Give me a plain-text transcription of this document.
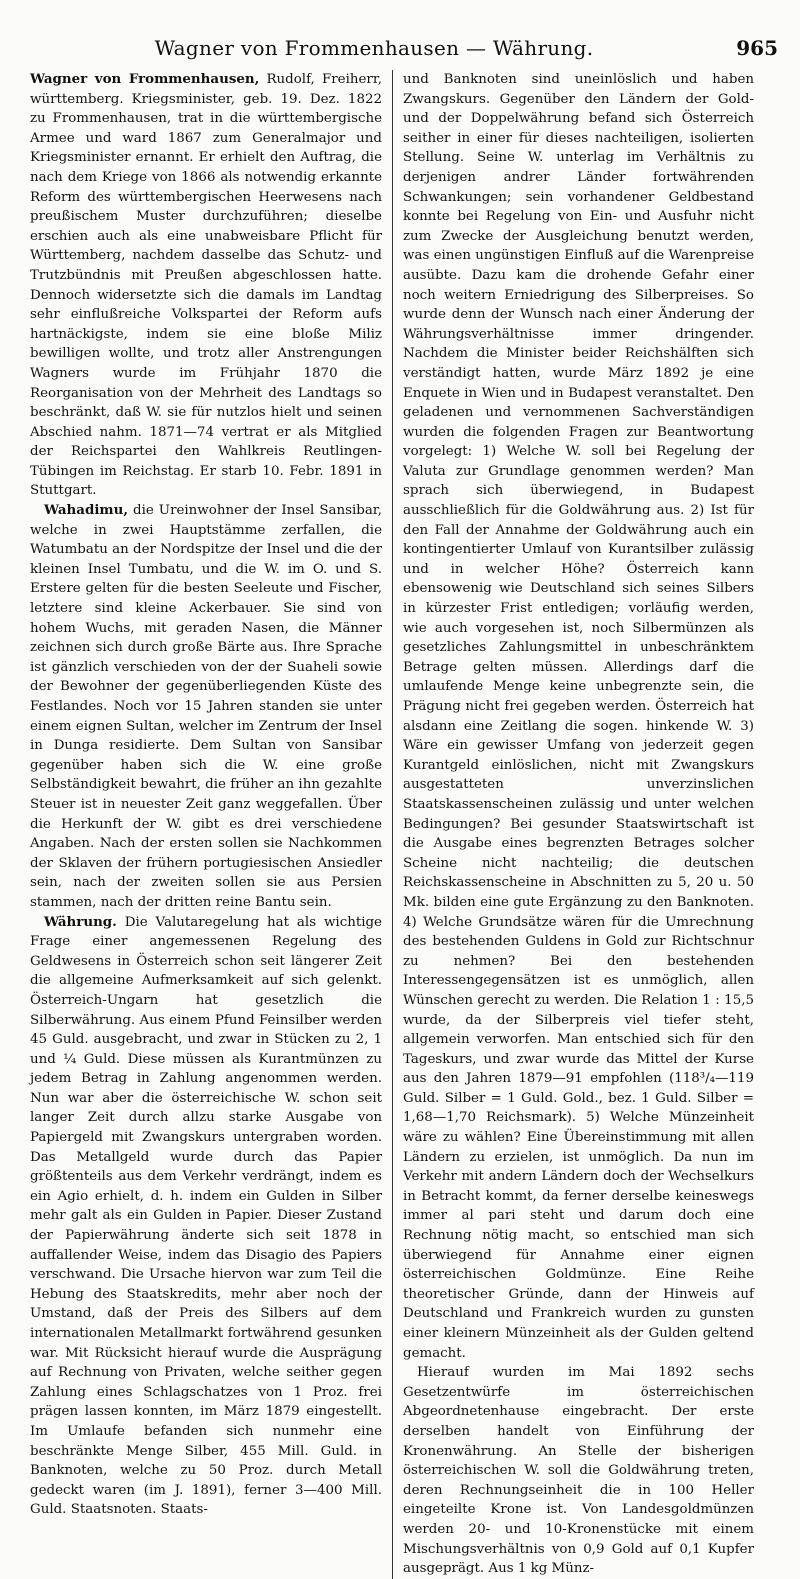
Wagner von Frommenhausen — Währung.	965

Wagner von Frommenhausen, Rudolf, Freiherr, württemberg. Kriegsminister, geb. 19. Dez. 1822 zu Frommenhausen, trat in die württembergische Armee und ward 1867 zum Generalmajor und Kriegsminister ernannt. Er erhielt den Auftrag, die nach dem Kriege von 1866 als notwendig erkannte Reform des württembergischen Heerwesens nach preußischem Muster durchzuführen; dieselbe erschien auch als eine unabweisbare Pflicht für Württemberg, nachdem dasselbe das Schutz- und Trutzbündnis mit Preußen abgeschlossen hatte. Dennoch widersetzte sich die damals im Landtag sehr einflußreiche Volkspartei der Reform aufs hartnäckigste, indem sie eine bloße Miliz bewilligen wollte, und trotz aller Anstrengungen Wagners wurde im Frühjahr 1870 die Reorganisation von der Mehrheit des Landtags so beschränkt, daß W. sie für nutzlos hielt und seinen Abschied nahm. 1871—74 vertrat er als Mitglied der Reichspartei den Wahlkreis Reutlingen-Tübingen im Reichstag. Er starb 10. Febr. 1891 in Stuttgart.

Wahadimu, die Ureinwohner der Insel Sansibar, welche in zwei Hauptstämme zerfallen, die Watumbatu an der Nordspitze der Insel und die der kleinen Insel Tumbatu, und die W. im O. und S. Erstere gelten für die besten Seeleute und Fischer, letztere sind kleine Ackerbauer. Sie sind von hohem Wuchs, mit geraden Nasen, die Männer zeichnen sich durch große Bärte aus. Ihre Sprache ist gänzlich verschieden von der der Suaheli sowie der Bewohner der gegenüberliegenden Küste des Festlandes. Noch vor 15 Jahren standen sie unter einem eignen Sultan, welcher im Zentrum der Insel in Dunga residierte. Dem Sultan von Sansibar gegenüber haben sich die W. eine große Selbständigkeit bewahrt, die früher an ihn gezahlte Steuer ist in neuester Zeit ganz weggefallen. Über die Herkunft der W. gibt es drei verschiedene Angaben. Nach der ersten sollen sie Nachkommen der Sklaven der frühern portugiesischen Ansiedler sein, nach der zweiten sollen sie aus Persien stammen, nach der dritten reine Bantu sein.

Währung. Die Valutaregelung hat als wichtige Frage einer angemessenen Regelung des Geldwesens in Österreich schon seit längerer Zeit die allgemeine Aufmerksamkeit auf sich gelenkt. Österreich-Ungarn hat gesetzlich die Silberwährung. Aus einem Pfund Feinsilber werden 45 Guld. ausgebracht, und zwar in Stücken zu 2, 1 und ¼ Guld. Diese müssen als Kurantmünzen zu jedem Betrag in Zahlung angenommen werden. Nun war aber die österreichische W. schon seit langer Zeit durch allzu starke Ausgabe von Papiergeld mit Zwangskurs untergraben worden. Das Metallgeld wurde durch das Papier größtenteils aus dem Verkehr verdrängt, indem es ein Agio erhielt, d. h. indem ein Gulden in Silber mehr galt als ein Gulden in Papier. Dieser Zustand der Papierwährung änderte sich seit 1878 in auffallender Weise, indem das Disagio des Papiers verschwand. Die Ursache hiervon war zum Teil die Hebung des Staatskredits, mehr aber noch der Umstand, daß der Preis des Silbers auf dem internationalen Metallmarkt fortwährend gesunken war. Mit Rücksicht hierauf wurde die Ausprägung auf Rechnung von Privaten, welche seither gegen Zahlung eines Schlagschatzes von 1 Proz. frei prägen lassen konnten, im März 1879 eingestellt. Im Umlaufe befanden sich nunmehr eine beschränkte Menge Silber, 455 Mill. Guld. in Banknoten, welche zu 50 Proz. durch Metall gedeckt waren (im J. 1891), ferner 3—400 Mill. Guld. Staatsnoten. Staats-

und Banknoten sind uneinlöslich und haben Zwangskurs. Gegenüber den Ländern der Gold- und der Doppelwährung befand sich Österreich seither in einer für dieses nachteiligen, isolierten Stellung. Seine W. unterlag im Verhältnis zu derjenigen andrer Länder fortwährenden Schwankungen; sein vorhandener Geldbestand konnte bei Regelung von Ein- und Ausfuhr nicht zum Zwecke der Ausgleichung benutzt werden, was einen ungünstigen Einfluß auf die Warenpreise ausübte. Dazu kam die drohende Gefahr einer noch weitern Erniedrigung des Silberpreises. So wurde denn der Wunsch nach einer Änderung der Währungsverhältnisse immer dringender. Nachdem die Minister beider Reichshälften sich verständigt hatten, wurde März 1892 je eine Enquete in Wien und in Budapest veranstaltet. Den geladenen und vernommenen Sachverständigen wurden die folgenden Fragen zur Beantwortung vorgelegt: 1) Welche W. soll bei Regelung der Valuta zur Grundlage genommen werden? Man sprach sich überwiegend, in Budapest ausschließlich für die Goldwährung aus. 2) Ist für den Fall der Annahme der Goldwährung auch ein kontingentierter Umlauf von Kurantsilber zulässig und in welcher Höhe? Österreich kann ebensowenig wie Deutschland sich seines Silbers in kürzester Frist entledigen; vorläufig werden, wie auch vorgesehen ist, noch Silbermünzen als gesetzliches Zahlungsmittel in unbeschränktem Betrage gelten müssen. Allerdings darf die umlaufende Menge keine unbegrenzte sein, die Prägung nicht frei gegeben werden. Österreich hat alsdann eine Zeitlang die sogen. hinkende W. 3) Wäre ein gewisser Umfang von jederzeit gegen Kurantgeld einlöslichen, nicht mit Zwangskurs ausgestatteten unverzinslichen Staatskassenscheinen zulässig und unter welchen Bedingungen? Bei gesunder Staatswirtschaft ist die Ausgabe eines begrenzten Betrages solcher Scheine nicht nachteilig; die deutschen Reichskassenscheine in Abschnitten zu 5, 20 u. 50 Mk. bilden eine gute Ergänzung zu den Banknoten. 4) Welche Grundsätze wären für die Umrechnung des bestehenden Guldens in Gold zur Richtschnur zu nehmen? Bei den bestehenden Interessengegensätzen ist es unmöglich, allen Wünschen gerecht zu werden. Die Relation 1 : 15,5 wurde, da der Silberpreis viel tiefer steht, allgemein verworfen. Man entschied sich für den Tageskurs, und zwar wurde das Mittel der Kurse aus den Jahren 1879—91 empfohlen (118³/₄—119 Guld. Silber = 1 Guld. Gold., bez. 1 Guld. Silber = 1,68—1,70 Reichsmark). 5) Welche Münzeinheit wäre zu wählen? Eine Übereinstimmung mit allen Ländern zu erzielen, ist unmöglich. Da nun im Verkehr mit andern Ländern doch der Wechselkurs in Betracht kommt, da ferner derselbe keineswegs immer al pari steht und darum doch eine Rechnung nötig macht, so entschied man sich überwiegend für Annahme einer eignen österreichischen Goldmünze. Eine Reihe theoretischer Gründe, dann der Hinweis auf Deutschland und Frankreich wurden zu gunsten einer kleinern Münzeinheit als der Gulden geltend gemacht.

Hierauf wurden im Mai 1892 sechs Gesetzentwürfe im österreichischen Abgeordnetenhause eingebracht. Der erste derselben handelt von Einführung der Kronenwährung. An Stelle der bisherigen österreichischen W. soll die Goldwährung treten, deren Rechnungseinheit die in 100 Heller eingeteilte Krone ist. Von Landesgoldmünzen werden 20- und 10-Kronenstücke mit einem Mischungsverhältnis von 0,9 Gold auf 0,1 Kupfer ausgeprägt. Aus 1 kg Münz-
